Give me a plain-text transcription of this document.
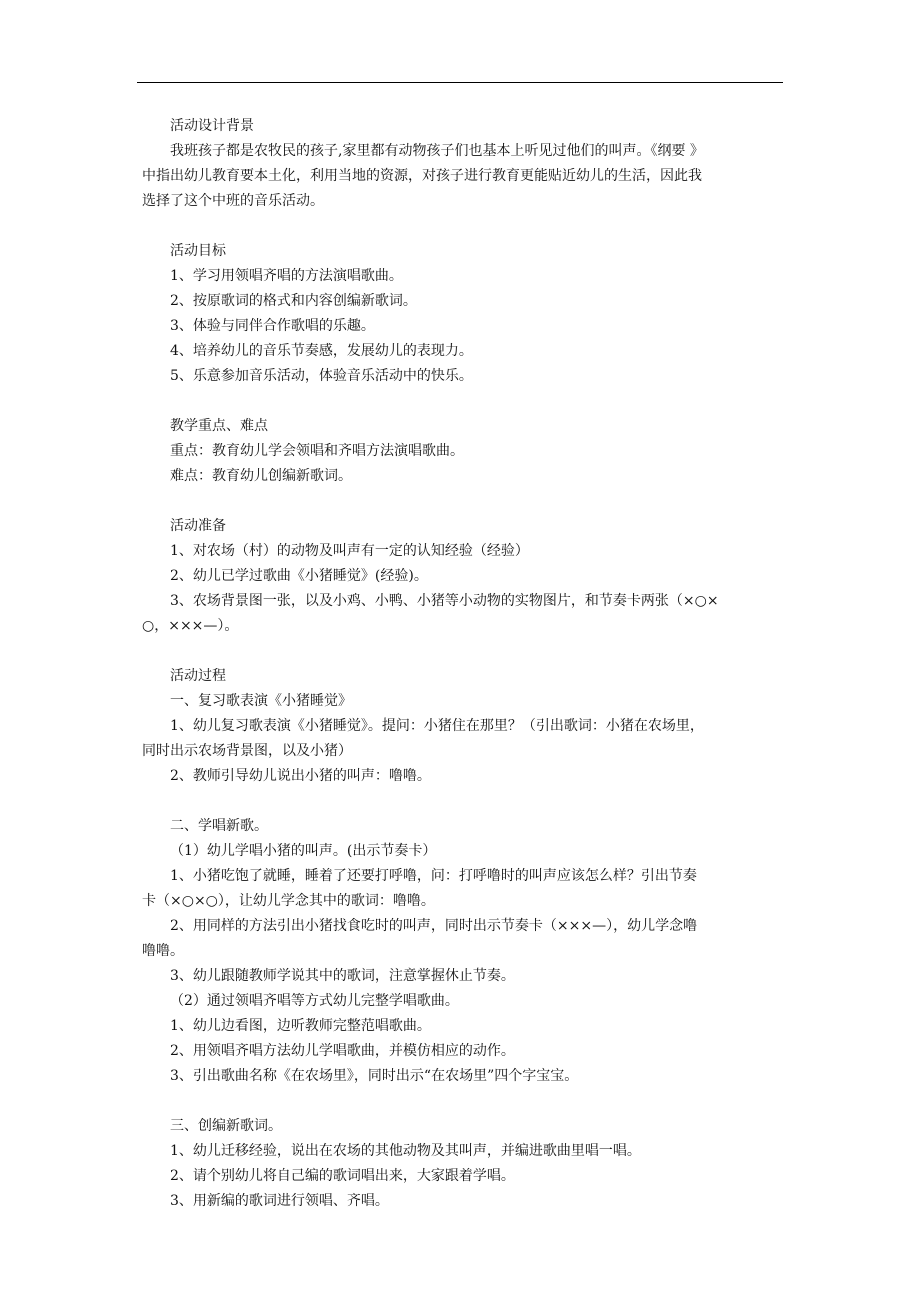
活动设计背景
我班孩子都是农牧民的孩子,家里都有动物孩子们也基本上听见过他们的叫声。《纲要 》
中指出幼儿教育要本土化，利用当地的资源，对孩子进行教育更能贴近幼儿的生活，因此我
选择了这个中班的音乐活动。
活动目标
1、学习用领唱齐唱的方法演唱歌曲。
2、按原歌词的格式和内容创编新歌词。
3、体验与同伴合作歌唱的乐趣。
4、培养幼儿的音乐节奏感，发展幼儿的表现力。
5、乐意参加音乐活动，体验音乐活动中的快乐。
教学重点、难点
重点：教育幼儿学会领唱和齐唱方法演唱歌曲。
难点：教育幼儿创编新歌词。
活动准备
1、对农场（村）的动物及叫声有一定的认知经验（经验）
2、幼儿已学过歌曲《小猪睡觉》(经验)。
3、农场背景图一张，以及小鸡、小鸭、小猪等小动物的实物图片，和节奏卡两张（×○×
○，×××—）。
活动过程
一、复习歌表演《小猪睡觉》
1、幼儿复习歌表演《小猪睡觉》。提问：小猪住在那里？（引出歌词：小猪在农场里，
同时出示农场背景图，以及小猪）
2、教师引导幼儿说出小猪的叫声：噜噜。
二、学唱新歌。
（1）幼儿学唱小猪的叫声。(出示节奏卡）
1、小猪吃饱了就睡，睡着了还要打呼噜，问：打呼噜时的叫声应该怎么样？引出节奏
卡（×○×○），让幼儿学念其中的歌词：噜噜。
2、用同样的方法引出小猪找食吃时的叫声，同时出示节奏卡（×××—），幼儿学念噜
噜噜。
3、幼儿跟随教师学说其中的歌词，注意掌握休止节奏。
（2）通过领唱齐唱等方式幼儿完整学唱歌曲。
1、幼儿边看图，边听教师完整范唱歌曲。
2、用领唱齐唱方法幼儿学唱歌曲，并模仿相应的动作。
3、引出歌曲名称《在农场里》，同时出示“在农场里”四个字宝宝。
三、创编新歌词。
1、幼儿迁移经验，说出在农场的其他动物及其叫声，并编进歌曲里唱一唱。
2、请个别幼儿将自己编的歌词唱出来，大家跟着学唱。
3、用新编的歌词进行领唱、齐唱。
